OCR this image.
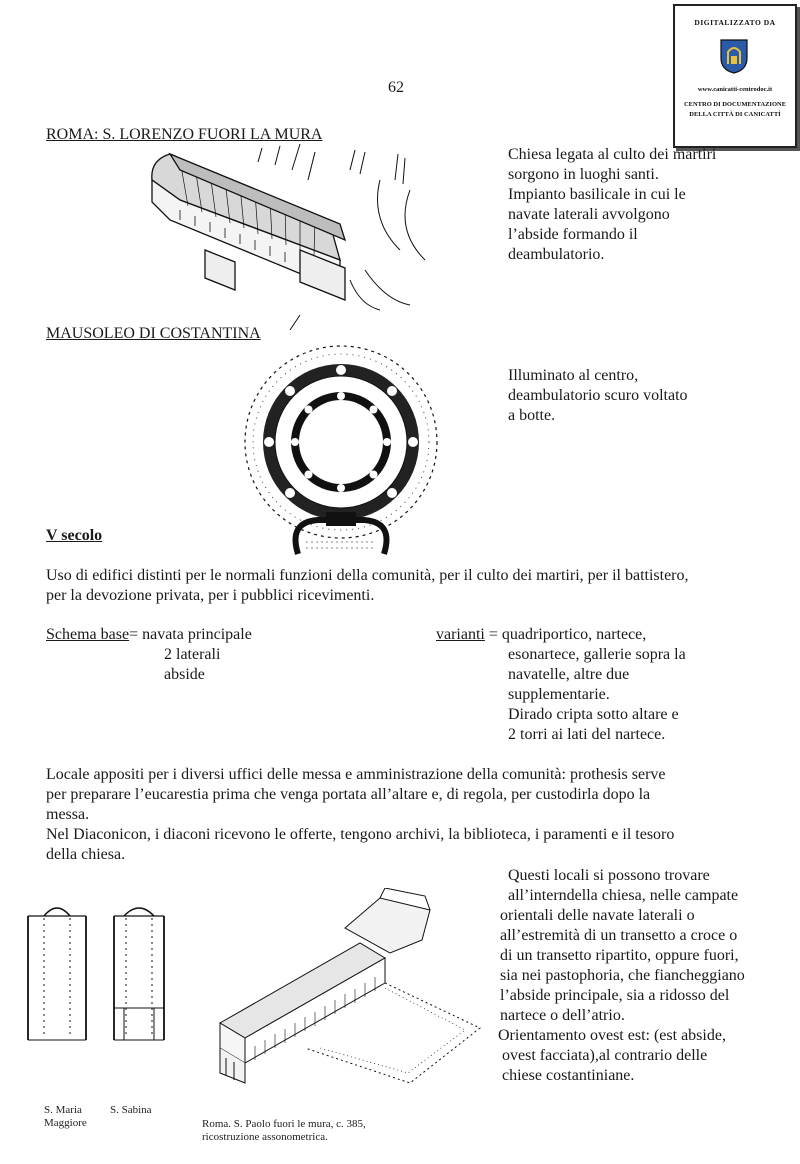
DIGITALIZZATO DA
www.canicatti-centrodoc.it
CENTRO DI DOCUMENTAZIONE
DELLA CITTÀ DI CANICATTÌ
62
ROMA: S. LORENZO FUORI LA MURA
Chiesa legata al culto dei martiri
sorgono in luoghi santi.
Impianto basilicale in cui le
navate laterali avvolgono
l’abside formando il
deambulatorio.
MAUSOLEO DI COSTANTINA
Illuminato al centro,
deambulatorio scuro voltato
a botte.
V secolo
Uso di edifici distinti per le normali funzioni della comunità, per il culto dei martiri, per il battistero,
per la devozione privata, per i pubblici ricevimenti.
Schema base= navata principale
2 laterali
abside
varianti = quadriportico, nartece,
esonartece, gallerie sopra la
navatelle, altre due
supplementarie.
Dirado cripta sotto altare e
2 torri ai lati del nartece.
Locale appositi per i diversi uffici delle messa e amministrazione della comunità: prothesis serve
per preparare l’eucarestia prima che venga portata all’altare e, di regola, per custodirla dopo la
messa.
Nel Diaconicon, i diaconi ricevono le offerte, tengono archivi, la biblioteca, i paramenti e il tesoro
della chiesa.
Questi locali si possono trovare
all’interndella chiesa, nelle campate
orientali delle navate laterali o
all’estremità di un transetto a croce o
di un transetto ripartito, oppure fuori,
sia nei pastophoria, che fiancheggiano
l’abside principale, sia a ridosso del
nartece o dell’atrio.
Orientamento ovest est: (est abside,
ovest facciata),al contrario delle
chiese costantiniane.
S. Maria
Maggiore
S. Sabina
Roma. S. Paolo fuori le mura, c. 385,
ricostruzione assonometrica.
